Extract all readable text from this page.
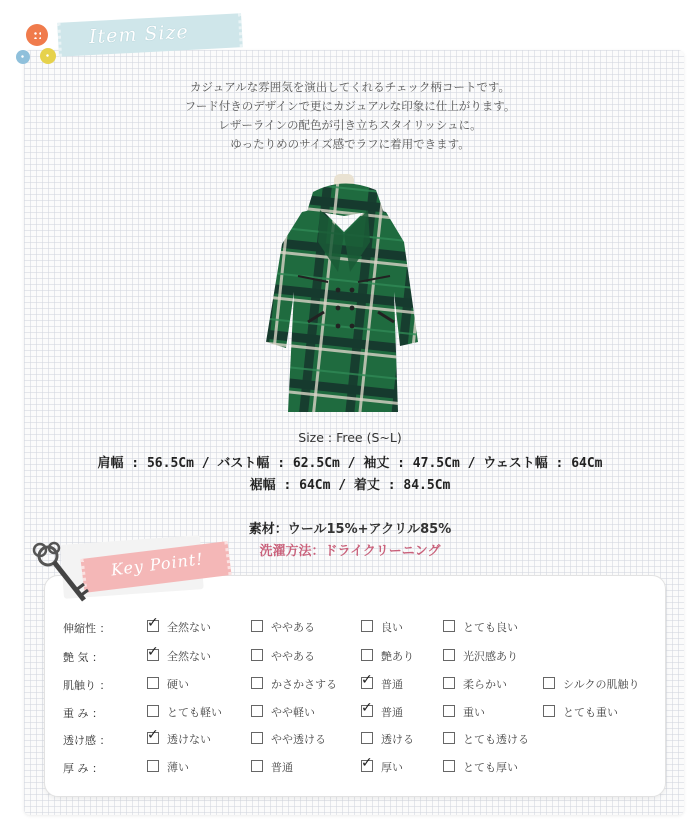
Item Size
カジュアルな雰囲気を演出してくれるチェック柄コートです。
フード付きのデザインで更にカジュアルな印象に仕上がります。
レザーラインの配色が引き立ちスタイリッシュに。
ゆったりめのサイズ感でラフに着用できます。
Size : Free (S~L)
肩幅 : 56.5Cm / バスト幅 : 62.5Cm / 袖丈 : 47.5Cm / ウェスト幅 : 64Cm
裾幅 : 64Cm / 着丈 : 84.5Cm
素材：ウール15%+アクリル85%
洗濯方法：ドライクリーニング
伸縮性 ： ✓	全然ない	ややある	良い	とても良い
艶 気 ： ✓	全然ない	ややある	艶あり	光沢感あり
肌触り ：	硬い	かさかさする ✓	普通	柔らかい	シルクの肌触り
重 み ：	とても軽い	やや軽い ✓	普通	重い	とても重い
透け感 ： ✓	透けない	やや透ける	透ける	とても透ける
厚 み ：	薄い	普通 ✓	厚い	とても厚い
Key Point!
